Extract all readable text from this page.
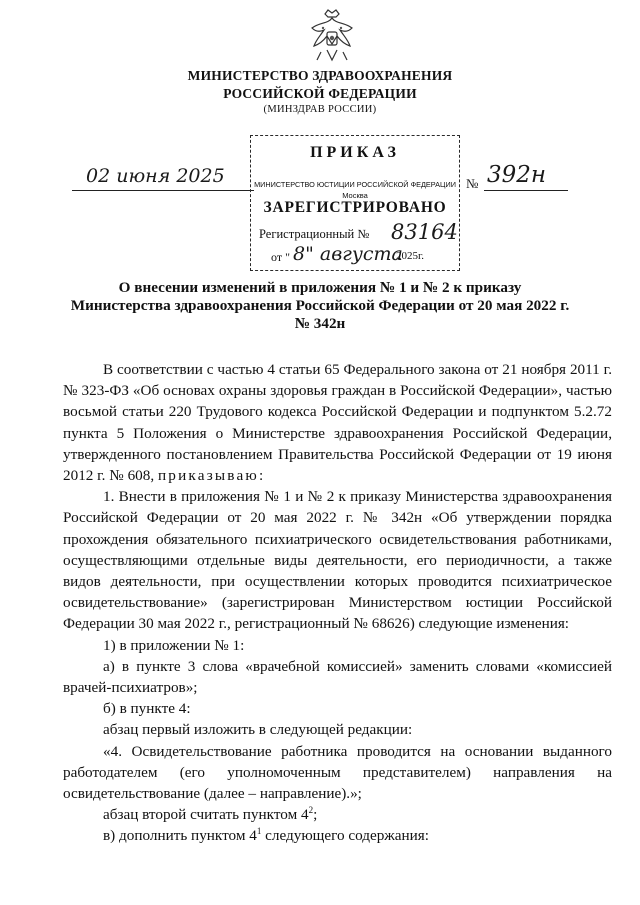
МИНИСТЕРСТВО ЗДРАВООХРАНЕНИЯ
РОССИЙСКОЙ ФЕДЕРАЦИИ
(МИНЗДРАВ РОССИИ)
02 июня 2025
ПРИКАЗ
МИНИСТЕРСТВО ЮСТИЦИИ РОССИЙСКОЙ ФЕДЕРАЦИИ
Москва
ЗАРЕГИСТРИРОВАНО
Регистрационный № 83164
от " 8" августа
2025г.
№ 392н
О внесении изменений в приложения № 1 и № 2 к приказу
Министерства здравоохранения Российской Федерации от 20 мая 2022 г.
№ 342н

В соответствии с частью 4 статьи 65 Федерального закона от 21 ноября 2011 г. № 323-ФЗ «Об основах охраны здоровья граждан в Российской Федерации», частью восьмой статьи 220 Трудового кодекса Российской Федерации и подпунктом 5.2.72 пункта 5 Положения о Министерстве здравоохранения Российской Федерации, утвержденного постановлением Правительства Российской Федерации от 19 июня 2012 г. № 608, приказываю:

1. Внести в приложения № 1 и № 2 к приказу Министерства здравоохранения Российской Федерации от 20 мая 2022 г. № 342н «Об утверждении порядка прохождения обязательного психиатрического освидетельствования работниками, осуществляющими отдельные виды деятельности, его периодичности, а также видов деятельности, при осуществлении которых проводится психиатрическое освидетельствование» (зарегистрирован Министерством юстиции Российской Федерации 30 мая 2022 г., регистрационный № 68626) следующие изменения:

1) в приложении № 1:

а) в пункте 3 слова «врачебной комиссией» заменить словами «комиссией врачей-психиатров»;

б) в пункте 4:

абзац первый изложить в следующей редакции:

«4. Освидетельствование работника проводится на основании выданного работодателем (его уполномоченным представителем) направления на освидетельствование (далее – направление).»;

абзац второй считать пунктом $4^2$;

в) дополнить пунктом $4^1$ следующего содержания:
